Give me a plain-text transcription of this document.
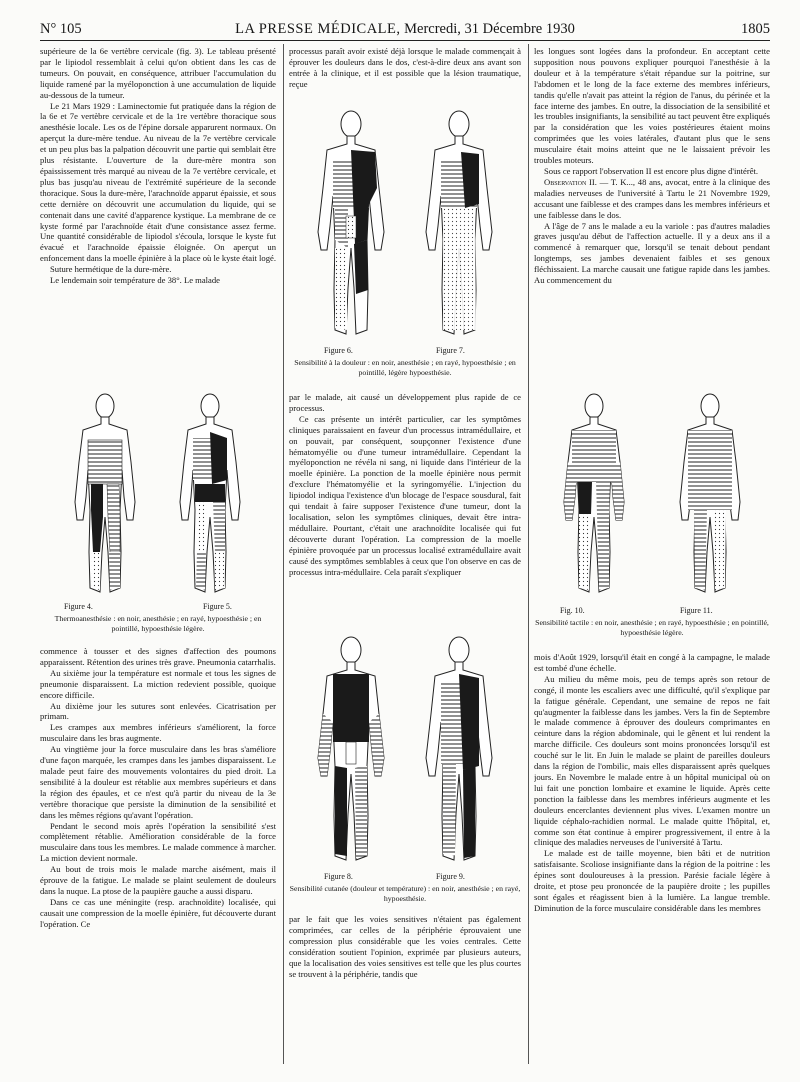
N° 105	LA PRESSE MÉDICALE, Mercredi, 31 Décembre 1930	1805

supérieure de la 6e vertèbre cervicale (fig. 3). Le tableau présenté par le lipiodol ressemblait à celui qu'on obtient dans les cas de tumeurs. On pouvait, en conséquence, attribuer l'accumulation du liquide ramené par la myéloponction à une accumulation de liquide au-dessous de la tumeur.

Le 21 Mars 1929 : Laminectomie fut pratiquée dans la région de la 6e et 7e vertèbre cervicale et de la 1re vertèbre thoracique sous anesthésie locale. Les os de l'épine dorsale apparurent normaux. On aperçut la dure-mère tendue. Au niveau de la 7e vertèbre cervicale et un peu plus bas la palpation découvrit une partie qui semblait être plus résistante. L'ouverture de la dure-mère montra son épaississement très marqué au niveau de la 7e vertèbre cervicale, et plus bas jusqu'au niveau de l'extrémité supérieure de la seconde thoracique. Sous la dure-mère, l'arachnoïde apparut épaissie, et sous cette dernière on découvrit une accumulation du liquide, qui se contenait dans une cavité d'apparence kystique. La membrane de ce kyste formé par l'arachnoïde était d'une consistance assez ferme. Une quantité considérable de lipiodol s'écoula, lorsque le kyste fut évacué et l'arachnoïde épaissie éloignée. On aperçut un enfoncement dans la moelle épinière à la place où le kyste était logé.

Suture hermétique de la dure-mère.

Le lendemain soir température de 38°. Le malade

Figure 4.	Figure 5.
Thermoanesthésie : en noir, anesthésie ; en rayé, hypoesthésie ; en pointillé, hypoesthésie légère.

commence à tousser et des signes d'affection des poumons apparaissent. Rétention des urines très grave. Pneumonia catarrhalis.

Au sixième jour la température est normale et tous les signes de pneumonie disparaissent. La miction redevient possible, quoique encore difficile.

Au dixième jour les sutures sont enlevées. Cicatrisation per primam.

Les crampes aux membres inférieurs s'améliorent, la force musculaire dans les bras augmente.

Au vingtième jour la force musculaire dans les bras s'améliore d'une façon marquée, les crampes dans les jambes disparaissent. Le malade peut faire des mouvements volontaires du pied droit. La sensibilité à la douleur est rétablie aux membres supérieurs et dans la région des épaules, et ce n'est qu'à partir du niveau de la 3e vertèbre thoracique que persiste la diminution de la sensibilité et dans les mêmes régions qu'avant l'opération.

Pendant le second mois après l'opération la sensibilité s'est complètement rétablie. Amélioration considérable de la force musculaire dans tous les membres. Le malade commence à marcher. La miction devient normale.

Au bout de trois mois le malade marche aisément, mais il éprouve de la fatigue. Le malade se plaint seulement de douleurs dans la nuque. La ptose de la paupière gauche a aussi disparu.

Dans ce cas une méningite (resp. arachnoïdite) localisée, qui causait une compression de la moelle épinière, fut découverte durant l'opération. Ce

processus paraît avoir existé déjà lorsque le malade commençait à éprouver les douleurs dans le dos, c'est-à-dire deux ans avant son entrée à la clinique, et il est possible que la lésion traumatique, reçue

Figure 6.	Figure 7.
Sensibilité à la douleur : en noir, anesthésie ; en rayé, hypoesthésie ; en pointillé, légère hypoesthésie.

par le malade, ait causé un développement plus rapide de ce processus.

Ce cas présente un intérêt particulier, car les symptômes cliniques paraissaient en faveur d'un processus intramédullaire, et on pouvait, par conséquent, soupçonner l'existence d'une hématomyélie ou d'une tumeur intramédullaire. Cependant la myéloponction ne révéla ni sang, ni liquide dans l'intérieur de la moelle épinière. La ponction de la moelle épinière nous permit d'exclure l'hématomyélie et la syringomyélie. L'injection du lipiodol indiqua l'existence d'un blocage de l'espace sousdural, fait qui tendait à faire supposer l'existence d'une tumeur, dont la localisation, selon les symptômes cliniques, devait être intra-médullaire. Pourtant, c'était une arachnoïdite localisée qui fut découverte durant l'opération. La compression de la moelle épinière provoquée par un processus localisé extramédullaire avait causé des symptômes semblables à ceux que l'on observe en cas de processus intra-médullaire. Cela paraît s'expliquer

Figure 8.	Figure 9.
Sensibilité cutanée (douleur et température) : en noir, anesthésie ; en rayé, hypoesthésie.

par le fait que les voies sensitives n'étaient pas également comprimées, car celles de la périphérie éprouvaient une compression plus considérable que les voies centrales. Cette considération soutient l'opinion, exprimée par plusieurs auteurs, que la localisation des voies sensitives est telle que les plus courtes se trouvent à la périphérie, tandis que

les longues sont logées dans la profondeur. En acceptant cette supposition nous pouvons expliquer pourquoi l'anesthésie à la douleur et à la température s'était répandue sur la poitrine, sur l'abdomen et le long de la face externe des membres inférieurs, tandis qu'elle n'avait pas atteint la région de l'anus, du périnée et la face interne des jambes. En outre, la dissociation de la sensibilité et les troubles insignifiants, la sensibilité au tact peuvent être expliqués par la considération que les voies postérieures étaient moins comprimées que les voies latérales, d'autant plus que le sens musculaire était moins atteint que ne le laissaient prévoir les troubles moteurs.

Sous ce rapport l'observation II est encore plus digne d'intérêt.

Observation II. — T. K..., 48 ans, avocat, entre à la clinique des maladies nerveuses de l'université à Tartu le 21 Novembre 1929, accusant une faiblesse et des crampes dans les membres inférieurs et une faiblesse dans le dos.

A l'âge de 7 ans le malade a eu la variole : pas d'autres maladies graves jusqu'au début de l'affection actuelle. Il y a deux ans il a commencé à remarquer que, lorsqu'il se tenait debout pendant longtemps, ses jambes devenaient faibles et ses genoux fléchissaient. La marche causait une fatigue rapide dans les jambes. Au commencement du

Fig. 10.	Figure 11.
Sensibilité tactile : en noir, anesthésie ; en rayé, hypoesthésie ; en pointillé, hypoesthésie légère.

mois d'Août 1929, lorsqu'il était en congé à la campagne, le malade est tombé d'une échelle.

Au milieu du même mois, peu de temps après son retour de congé, il monte les escaliers avec une difficulté, qu'il s'explique par la fatigue générale. Cependant, une semaine de repos ne fait qu'augmenter la faiblesse dans les jambes. Vers la fin de Septembre le malade commence à éprouver des douleurs comprimantes en ceinture dans la région abdominale, qui le gênent et lui rendent la marche difficile. Ces douleurs sont moins prononcées lorsqu'il est couché sur le lit. En Juin le malade se plaint de pareilles douleurs dans la région de l'ombilic, mais elles disparaissent après quelques jours. En Novembre le malade entre à un hôpital municipal où on lui fait une ponction lombaire et examine le liquide. Après cette ponction la faiblesse dans les membres inférieurs augmente et les douleurs encerclantes deviennent plus vives. L'examen montre un liquide céphalo-rachidien normal. Le malade quitte l'hôpital, et, comme son état continue à empirer progressivement, il entre à la clinique des maladies nerveuses de l'université à Tartu.

Le malade est de taille moyenne, bien bâti et de nutrition satisfaisante. Scoliose insignifiante dans la région de la poitrine : les épines sont douloureuses à la pression. Parésie faciale légère à droite, et ptose peu prononcée de la paupière droite ; les pupilles sont égales et réagissent bien à la lumière. La langue tremble. Diminution de la force musculaire considérable dans les membres
